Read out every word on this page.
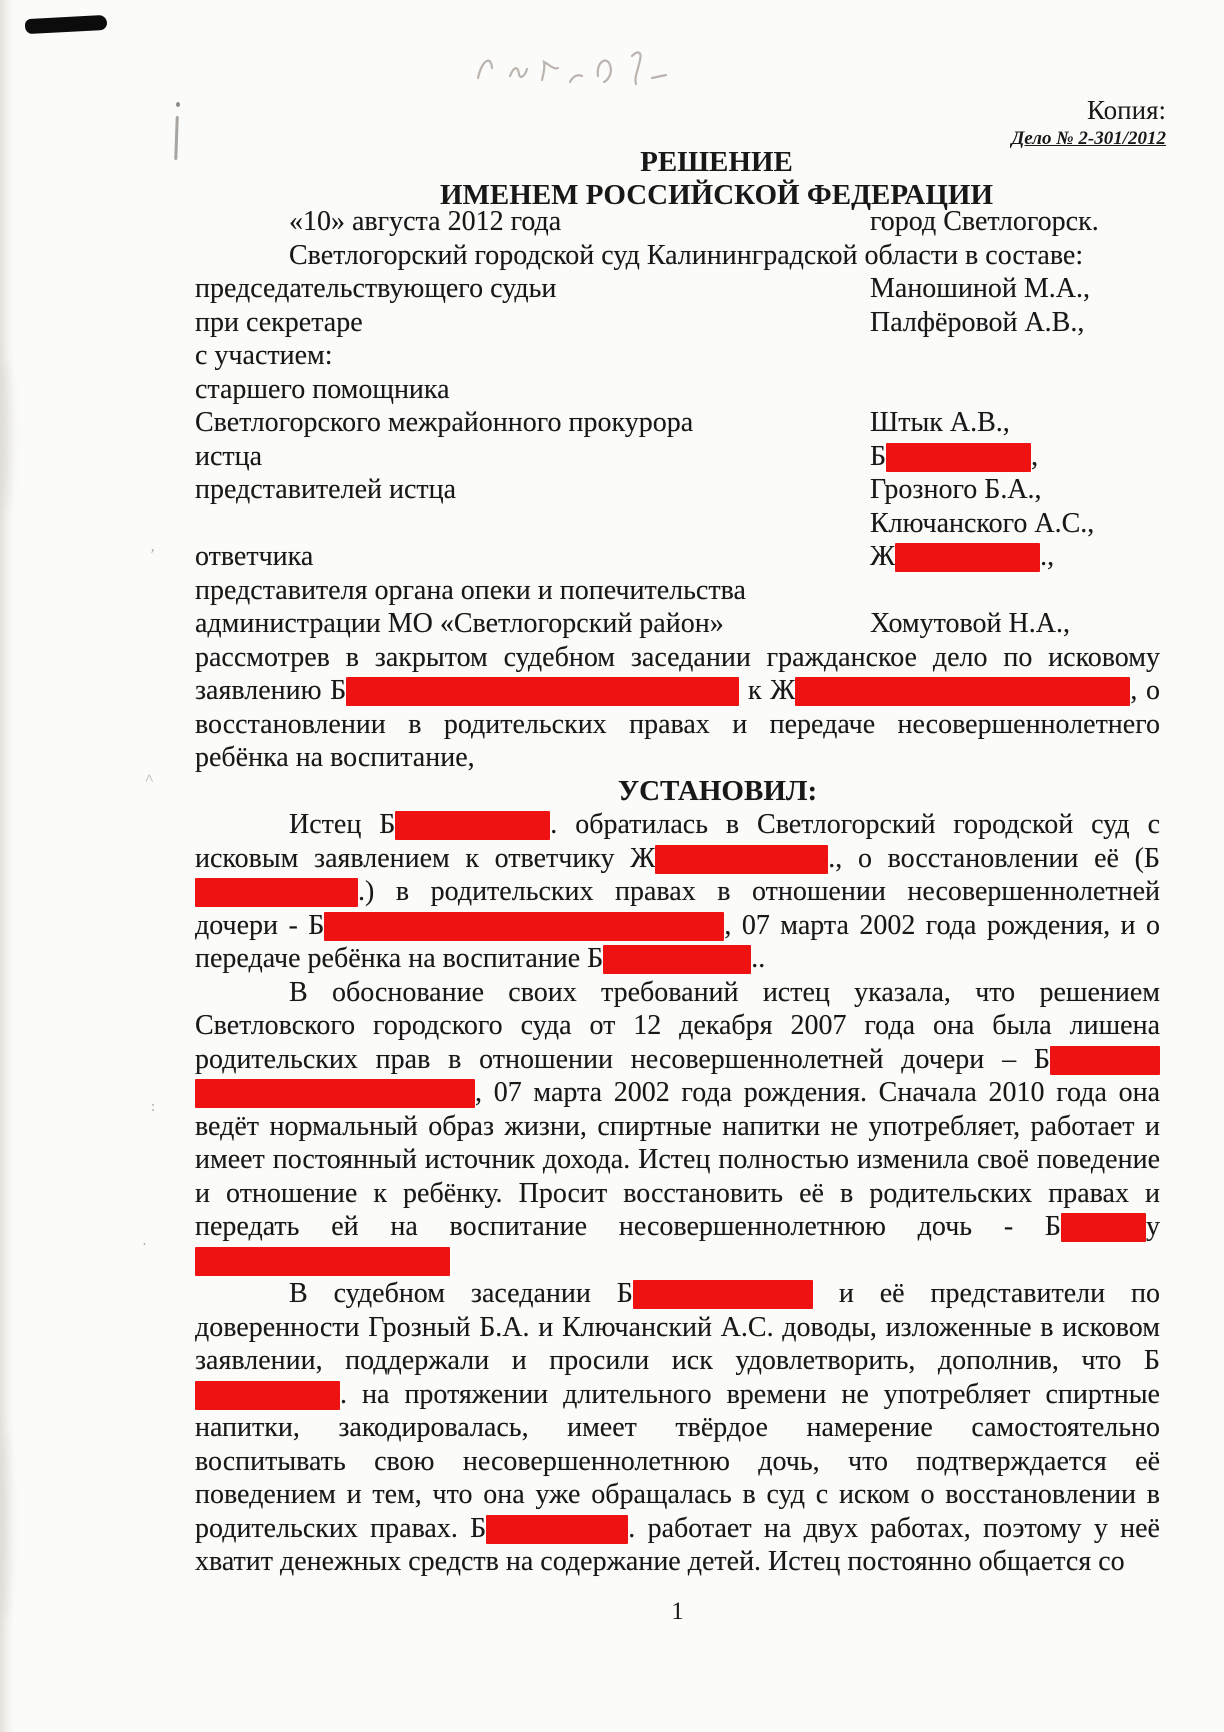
ʼ
˄
:
·
Копия:
Дело № 2-301/2012
РЕШЕНИЕ
ИМЕНЕМ РОССИЙСКОЙ ФЕДЕРАЦИИ
«10» августа 2012 года	город Светлогорск.
Светлогорский городской суд Калининградской области в составе:
председательствующего судьи	Маношиной М.А.,
при секретаре	Палфёровой А.В.,
с участием:
старшего помощника
Светлогорского межрайонного прокурора	Штык А.В.,
истца	Б	,
представителей истца	Грозного Б.А.,
Ключанского А.С.,
ответчика	Ж	.,
представителя органа опеки и попечительства
администрации МО «Светлогорский район»	Хомутовой Н.А.,
рассмотрев в закрытом судебном заседании гражданское дело по исковому заявлению Б	к Ж	, о восстановлении в родительских правах и передаче несовершеннолетнего ребёнка на воспитание,
УСТАНОВИЛ:
Истец Б	. обратилась в Светлогорский городской суд с исковым заявлением к ответчику Ж	., о восстановлении её (Б.) в родительских правах в отношении несовершеннолетней дочери - Б	, 07 марта 2002 года рождения, и о передаче ребёнка на воспитание Б	..
В обоснование своих требований истец указала, что решением Светловского городского суда от 12 декабря 2007 года она была лишена родительских прав в отношении несовершеннолетней дочери – Б , 07 марта 2002 года рождения. Сначала 2010 года она ведёт нормальный образ жизни, спиртные напитки не употребляет, работает и имеет постоянный источник дохода. Истец полностью изменила своё поведение и отношение к ребёнку. Просит восстановить её в родительских правах и передать ей на воспитание несовершеннолетнюю дочь - Б	у
В судебном заседании Б	и её представители по доверенности Грозный Б.А. и Ключанский А.С. доводы, изложенные в исковом заявлении, поддержали и просили иск удовлетворить, дополнив, что Б. на протяжении длительного времени не употребляет спиртные напитки, закодировалась, имеет твёрдое намерение самостоятельно воспитывать свою несовершеннолетнюю дочь, что подтверждается её поведением и тем, что она уже обращалась в суд с иском о восстановлении в родительских правах. Б	. работает на двух работах, поэтому у неё хватит денежных средств на содержание детей. Истец постоянно общается со
1
